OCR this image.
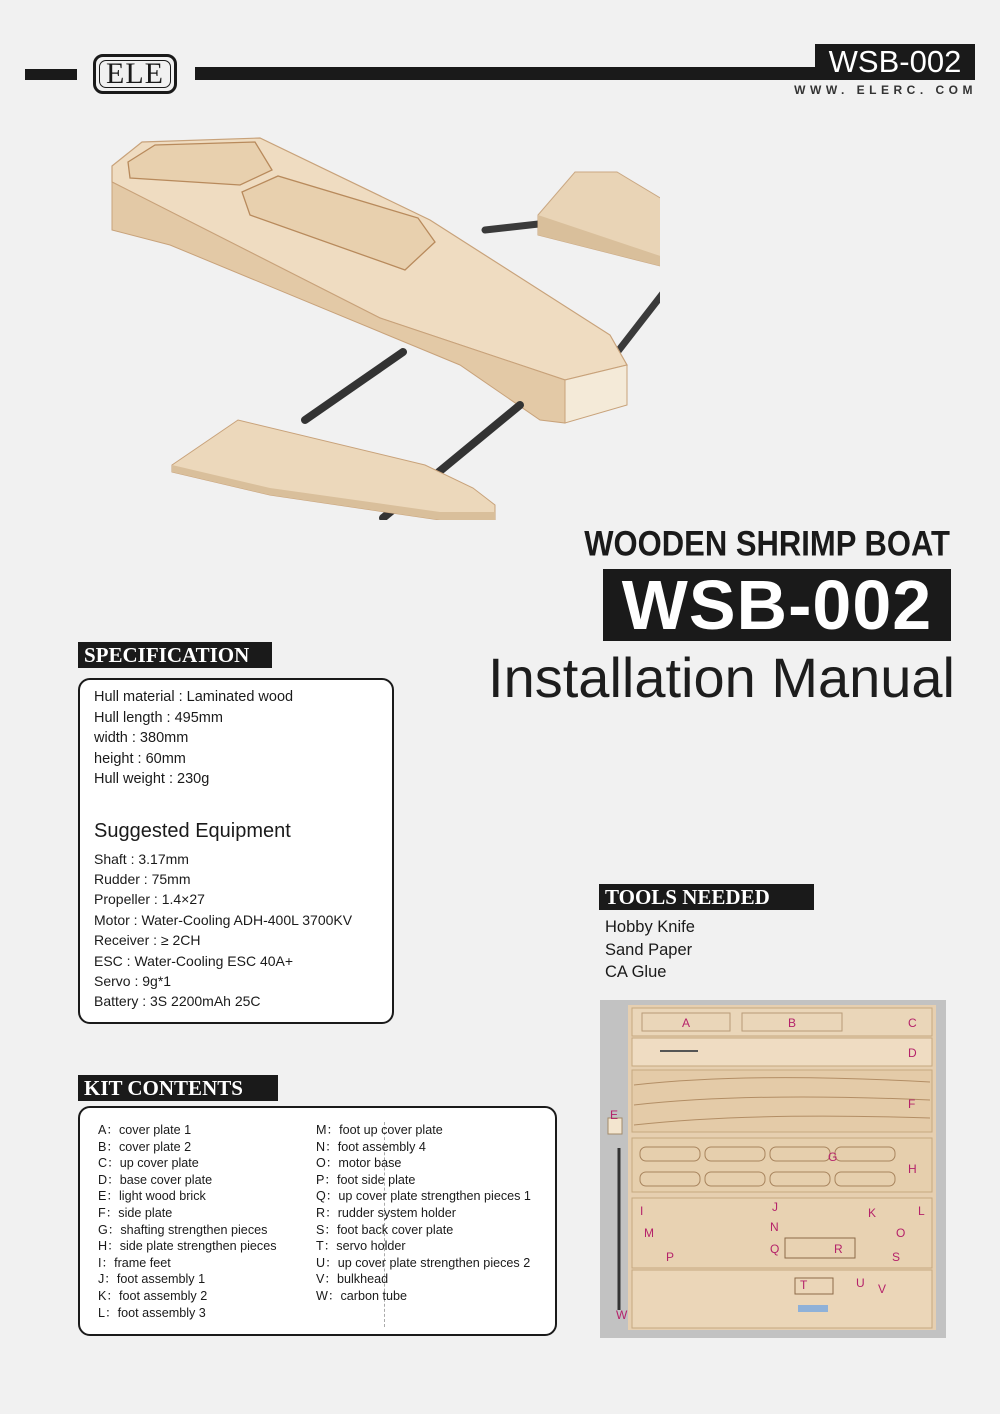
ELE	WSB-002
WWW. ELERC. COM
WOODEN SHRIMP BOAT
WSB-002
Installation Manual
SPECIFICATION
Hull material : Laminated wood
Hull length : 495mm
width : 380mm
height : 60mm
Hull weight : 230g
Suggested Equipment
Shaft : 3.17mm
Rudder : 75mm
Propeller : 1.4×27
Motor : Water-Cooling ADH-400L 3700KV
Receiver : ≥ 2CH
ESC : Water-Cooling ESC 40A+
Servo : 9g*1
Battery : 3S 2200mAh 25C
TOOLS NEEDED
Hobby Knife
Sand Paper
CA Glue
A	B	C
D
E
F
G
H
I	J	K	L
M	N	O
P
Q	R
S
T	U V
W
KIT CONTENTS
A：cover plate 1
B：cover plate 2
C：up cover plate
D：base cover plate
E：light wood brick
F：side plate
G：shafting strengthen pieces
H：side plate strengthen pieces
I：frame feet
J：foot assembly 1
K：foot assembly 2
L：foot assembly 3
M：foot up cover plate
N：foot assembly 4
O：motor base
P：foot side plate
Q：up cover plate strengthen pieces 1
R：rudder system holder
S：foot back cover plate
T：servo holder
U：up cover plate strengthen pieces 2
V：bulkhead
W：carbon tube
